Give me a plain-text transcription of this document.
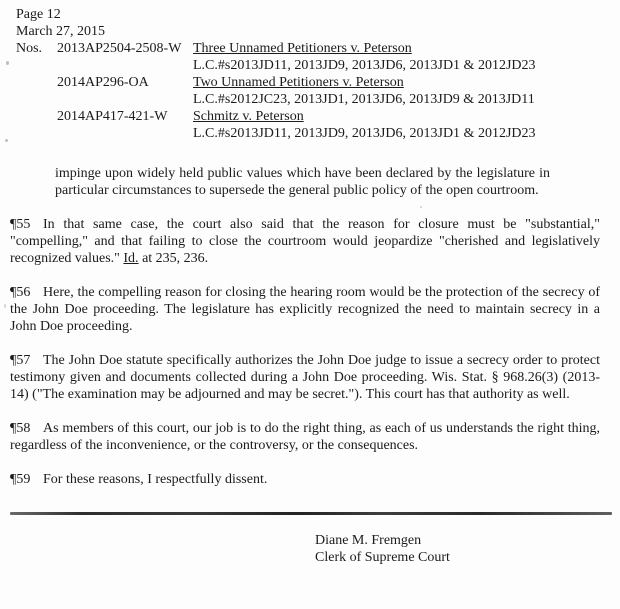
Page 12
March 27, 2015
Nos.	2013AP2504-2508-W Three Unnamed Petitioners v. Peterson
L.C.#s2013JD11, 2013JD9, 2013JD6, 2013JD1 & 2012JD23
2014AP296-OA	Two Unnamed Petitioners v. Peterson
L.C.#s2012JC23, 2013JD1, 2013JD6, 2013JD9 & 2013JD11
2014AP417-421-W	Schmitz v. Peterson
L.C.#s2013JD11, 2013JD9, 2013JD6, 2013JD1 & 2012JD23
impinge upon widely held public values which have been declared by the legislature in particular circumstances to supersede the general public policy of the open courtroom.

¶55 In that same case, the court also said that the reason for closure must be "substantial," "compelling," and that failing to close the courtroom would jeopardize "cherished and legislatively recognized values." Id. at 235, 236.

¶56 Here, the compelling reason for closing the hearing room would be the protection of the secrecy of the John Doe proceeding. The legislature has explicitly recognized the need to maintain secrecy in a John Doe proceeding.

¶57 The John Doe statute specifically authorizes the John Doe judge to issue a secrecy order to protect testimony given and documents collected during a John Doe proceeding. Wis. Stat. § 968.26(3) (2013-14) ("The examination may be adjourned and may be secret."). This court has that authority as well.

¶58 As members of this court, our job is to do the right thing, as each of us understands the right thing, regardless of the inconvenience, or the controversy, or the consequences.

¶59 For these reasons, I respectfully dissent.

Diane M. Fremgen
Clerk of Supreme Court
